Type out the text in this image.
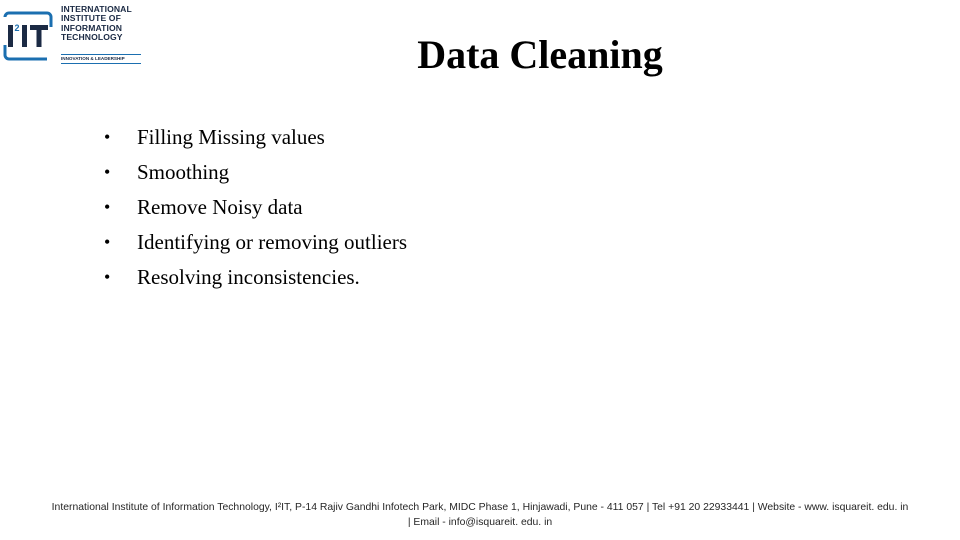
2
INTERNATIONAL
INSTITUTE OF
INFORMATION
TECHNOLOGY
INNOVATION & LEADERSHIP	Data Cleaning
•	Filling Missing values
•	Smoothing
•	Remove Noisy data
•	Identifying or removing outliers
•	Resolving inconsistencies.
International Institute of Information Technology, I²IT, P-14 Rajiv Gandhi Infotech Park, MIDC Phase 1, Hinjawadi, Pune - 411 057 | Tel +91 20 22933441 | Website - www. isquareit. edu. in
| Email - info@isquareit. edu. in
